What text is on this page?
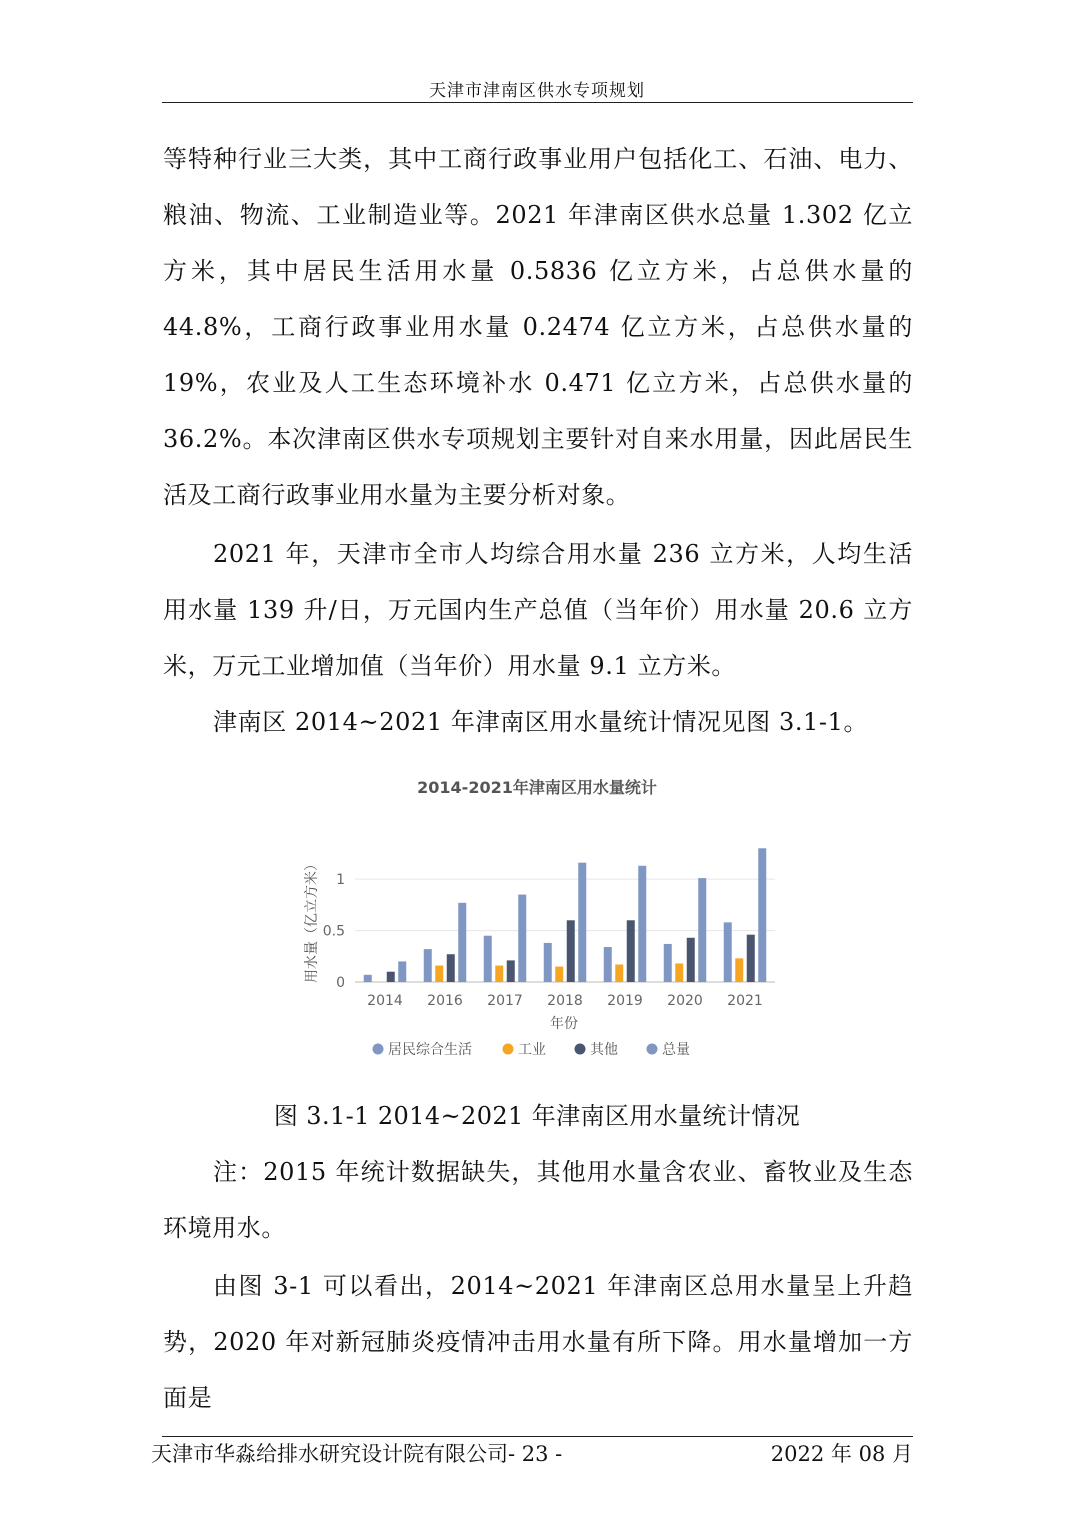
天津市津南区供水专项规划

等特种行业三大类，其中工商行政事业用户包括化工、石油、电力、粮油、物流、工业制造业等。2021 年津南区供水总量 1.302 亿立方米，其中居民生活用水量 0.5836 亿立方米，占总供水量的 44.8%，工商行政事业用水量 0.2474 亿立方米，占总供水量的 19%，农业及人工生态环境补水 0.471 亿立方米，占总供水量的 36.2%。本次津南区供水专项规划主要针对自来水用量，因此居民生活及工商行政事业用水量为主要分析对象。

2021 年，天津市全市人均综合用水量 236 立方米，人均生活用水量 139 升/日，万元国内生产总值（当年价）用水量 20.6 立方米，万元工业增加值（当年价）用水量 9.1 立方米。

津南区 2014~2021 年津南区用水量统计情况见图 3.1-1。

2014-2021年津南区用水量统计
0
0.5
1
2014 2016 2017 2018 2019 2020 2021
用水量（亿立方米）
年份
居民综合生活	工业	其他	总量
图 3.1-1 2014~2021 年津南区用水量统计情况

注：2015 年统计数据缺失，其他用水量含农业、畜牧业及生态环境用水。

由图 3-1 可以看出，2014~2021 年津南区总用水量呈上升趋势，2020 年对新冠肺炎疫情冲击用水量有所下降。用水量增加一方面是

天津市华淼给排水研究设计院有限公司- 23 -	2022 年 08 月
